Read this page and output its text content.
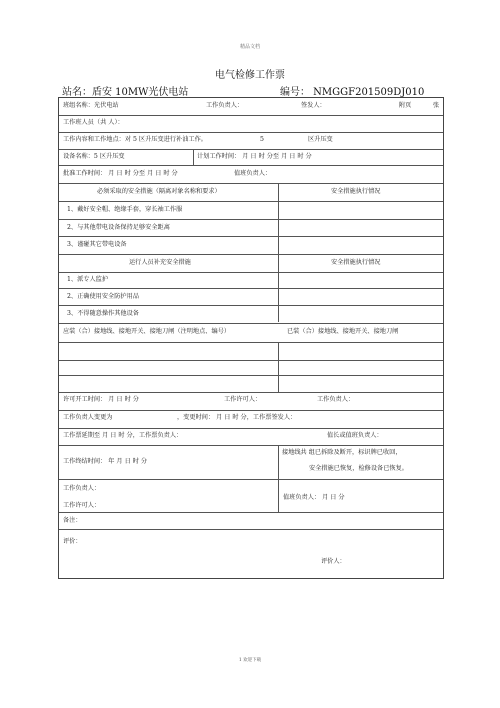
精品文档
电气检修工作票
站名：盾安 10MW光伏电站	编号： NMGGF201509DJ010
班组名称：光伏电站	工作负责人：	签发人：	附页	张
工作班人员（共 人）：
工作内容和工作地点：对 5 区升压变进行补油工作。	5	区升压变
设备名称：5 区升压变	计划工作时间： 月 日 时 分至 月 日 时 分
批准工作时间： 月 日 时 分至 月 日 时 分	值班负责人：
必须采取的安全措施（隔离对象名称和要求）	安全措施执行情况
1、戴好安全帽、绝缘手套，穿长袖工作服
2、与其他带电设备保持足够安全距离
3、谨碰其它带电设备
运行人员补充安全措施	安全措施执行情况
1、派专人监护
2、正确使用安全防护用品
3、不得随意操作其他设备
应装（合）接地线、接地开关、接地刀闸（注明地点、编号）	已装（合）接地线、接地开关、接地刀闸
许可开工时间： 月 日 时 分	工作许可人：	工作负责人：
工作负责人变更为	，变更时间： 月 日 时 分，工作票签发人：
工作票延期至 月 日 时 分，工作票负责人：	值长或值班负责人：
工作终结时间： 年 月 日 时 分
接地线共 组已拆除及断开，标识牌已收回，
安全措施已恢复，检修设备已恢复。
工作负责人：
工作许可人：
值班负责人： 月 日 分
备注：
评价：
评价人：
1 欢迎下载
